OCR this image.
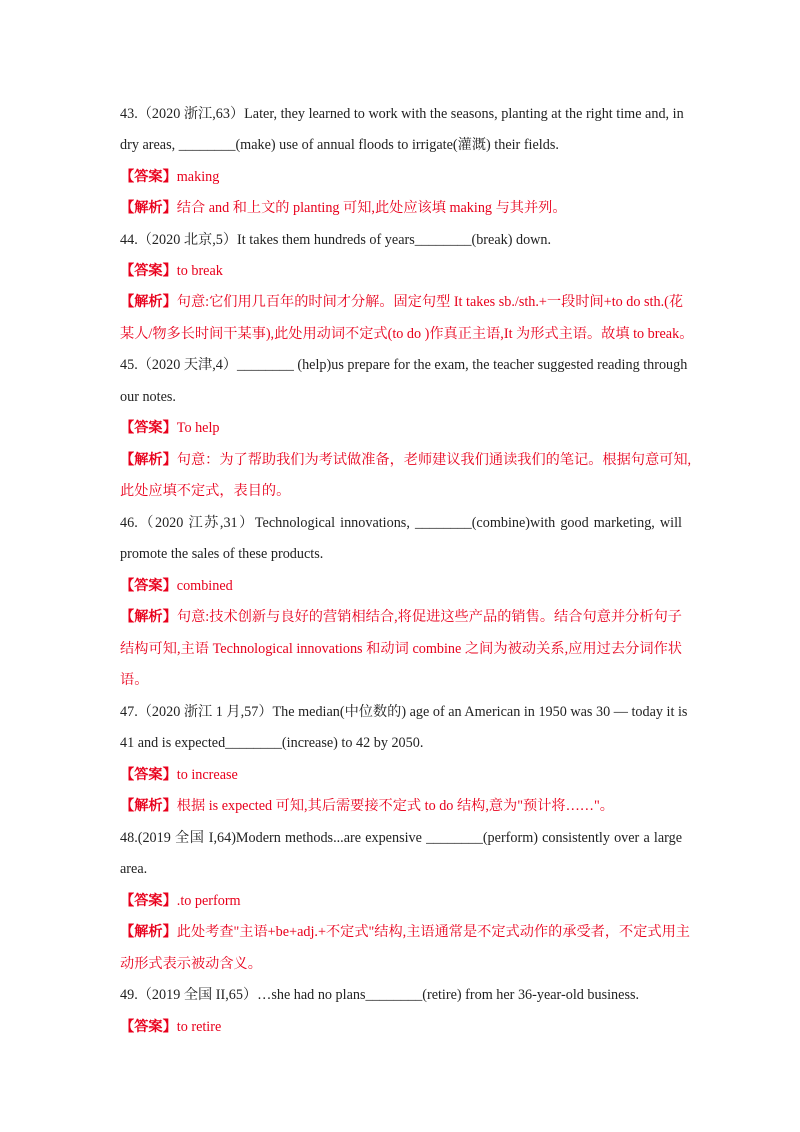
43.（2020 浙江,63）Later, they learned to work with the seasons, planting at the right time and, in
dry areas, ________(make) use of annual floods to irrigate(灌溉) their fields.
【答案】making
【解析】结合 and 和上文的 planting 可知,此处应该填 making 与其并列。
44.（2020 北京,5）It takes them hundreds of years________(break) down.
【答案】to break
【解析】句意:它们用几百年的时间才分解。固定句型 It takes sb./sth.+一段时间+to do sth.(花
某人/物多长时间干某事),此处用动词不定式(to do )作真正主语,It 为形式主语。故填 to break。
45.（2020 天津,4）________ (help)us prepare for the exam, the teacher suggested reading through
our notes.
【答案】To help
【解析】句意：为了帮助我们为考试做准备，老师建议我们通读我们的笔记。根据句意可知,
此处应填不定式，表目的。
46.（2020 江苏,31）Technological innovations, ________(combine)with good marketing, will
promote the sales of these products.
【答案】combined
【解析】句意:技术创新与良好的营销相结合,将促进这些产品的销售。结合句意并分析句子
结构可知,主语 Technological innovations 和动词 combine 之间为被动关系,应用过去分词作状
语。
47.（2020 浙江 1 月,57）The median(中位数的) age of an American in 1950 was 30 — today it is
41 and is expected________(increase) to 42 by 2050.
【答案】to increase
【解析】根据 is expected 可知,其后需要接不定式 to do 结构,意为"预计将……"。
48.(2019 全国 I,64)Modern methods...are expensive ________(perform) consistently over a large
area.
【答案】.to perform
【解析】此处考查"主语+be+adj.+不定式"结构,主语通常是不定式动作的承受者，不定式用主
动形式表示被动含义。
49.（2019 全国 II,65）…she had no plans________(retire) from her 36-year-old business.
【答案】to retire
